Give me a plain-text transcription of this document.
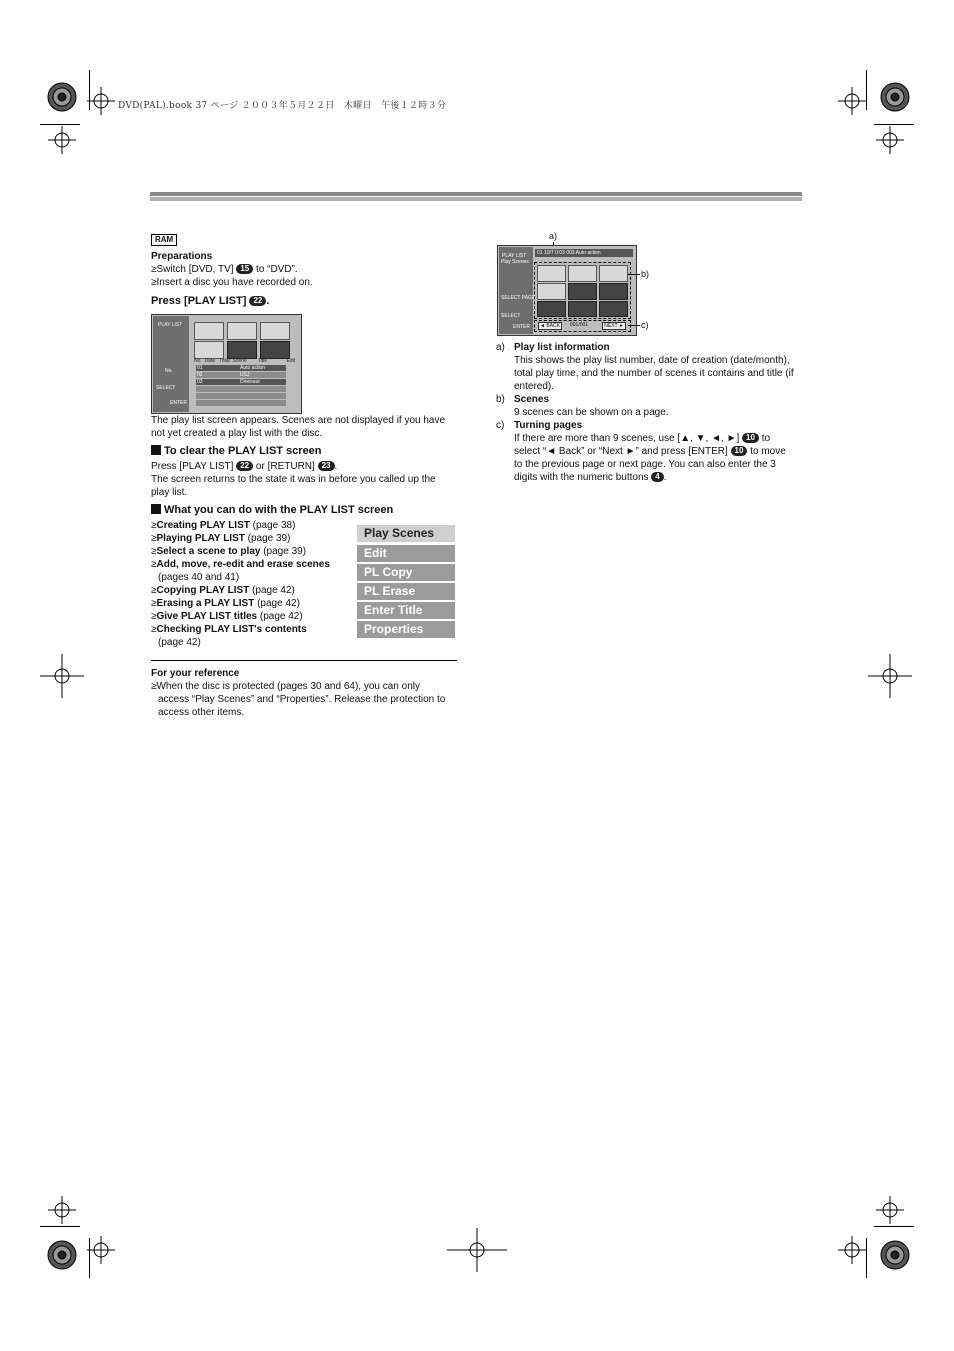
DVD(PAL).book 37 ページ ２００３年５月２２日　木曜日　午後１２時３分
RAM
Preparations
≥Switch [DVD, TV] 15 to “DVD”.
≥Insert a disc you have recorded on.
Press [PLAY LIST] 22 .
PLAY LIST
No.
SELECT
ENTER
No. Date Total Scene Title	Edit
01	Auto action
02	USJ
03	Dinosaur
The play list screen appears. Scenes are not displayed if you have
not yet created a play list with the disc.
To clear the PLAY LIST screen
Press [PLAY LIST] 22 or [RETURN] 23 .
The screen returns to the state it was in before you called up the
play list.
What you can do with the PLAY LIST screen
≥Creating PLAY LIST (page 38)
≥Playing PLAY LIST (page 39)
≥Select a scene to play (page 39)
≥Add, move, re-edit and erase scenes
(pages 40 and 41)
≥Copying PLAY LIST (page 42)
≥Erasing a PLAY LIST (page 42)
≥Give PLAY LIST titles (page 42)
≥Checking PLAY LIST's contents
(page 42)
Play Scenes
Edit
PL Copy
PL Erase
Enter Title
Properties
For your reference
≥When the disc is protected (pages 30 and 64), you can only
access “Play Scenes” and “Properties”. Release the protection to
access other items.
a)
PLAY LIST
Play Scenes
SELECT PAGE
SELECT
ENTER
01 10/7 0:03 003 Auto action
◄ BACK	001/001	NEXT ►
b)
c)
a) Play list information
This shows the play list number, date of creation (date/month),
total play time, and the number of scenes it contains and title (if
entered).
b) Scenes
9 scenes can be shown on a page.
c) Turning pages
If there are more than 9 scenes, use [▲, ▼, ◄, ►] 10 to
select “◄ Back” or “Next ►” and press [ENTER] 10 to move
to the previous page or next page. You can also enter the 3
digits with the numeric buttons 4 .
